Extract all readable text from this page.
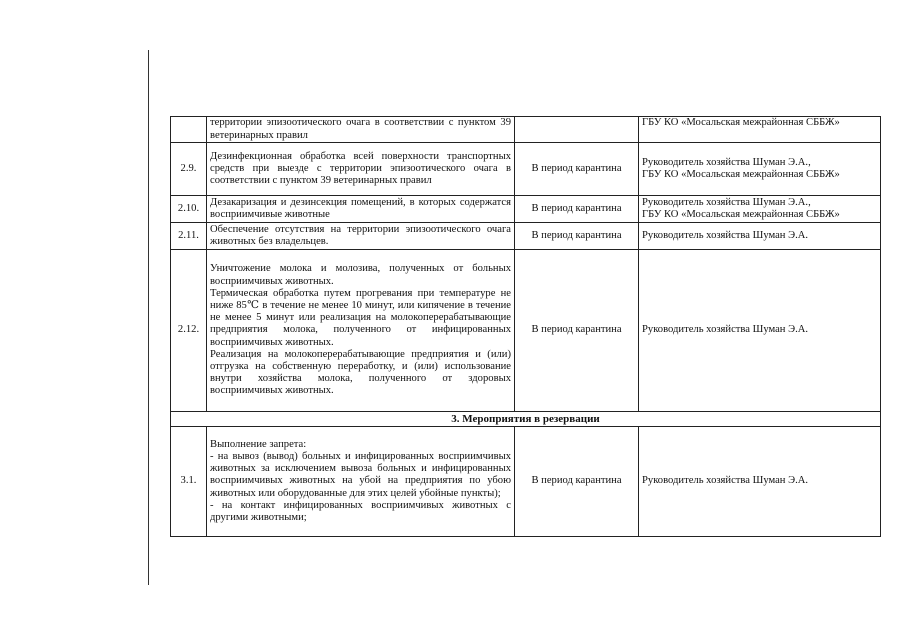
	территории эпизоотического очага в соответствии с пунктом 39 ветеринарных правил		ГБУ КО «Мосальская межрайонная СББЖ»

2.9.	Дезинфекционная обработка всей поверхности транспортных средств при выезде с территории эпизоотического очага в соответствии с пунктом 39 ветеринарных правил	В период карантина	Руководитель хозяйства Шуман Э.А.,
ГБУ КО «Мосальская межрайонная СББЖ»

2.10.	Дезакаризация и дезинсекция помещений, в которых содержатся восприимчивые животные	В период карантина	Руководитель хозяйства Шуман Э.А.,
ГБУ КО «Мосальская межрайонная СББЖ»

2.11.	Обеспечение отсутствия на территории эпизоотического очага животных без владельцев.	В период карантина	Руководитель хозяйства Шуман Э.А.

2.12.	Уничтожение молока и молозива, полученных от больных восприимчивых животных.
Термическая обработка путем прогревания при температуре не ниже 85℃ в течение не менее 10 минут, или кипячение в течение не менее 5 минут или реализация на молокоперерабатывающие предприятия молока, полученного от инфицированных восприимчивых животных.
Реализация на молокоперерабатывающие предприятия и (или) отгрузка на собственную переработку, и (или) использование внутри хозяйства молока, полученного от здоровых восприимчивых животных.	В период карантина	Руководитель хозяйства Шуман Э.А.

3. Мероприятия в резервации			
3.1.	Выполнение запрета:
- на вывоз (вывод) больных и инфицированных восприимчивых животных за исключением вывоза больных и инфицированных восприимчивых животных на убой на предприятия по убою животных или оборудованные для этих целей убойные пункты);
- на контакт инфицированных восприимчивых животных с другими животными;	В период карантина	Руководитель хозяйства Шуман Э.А.
